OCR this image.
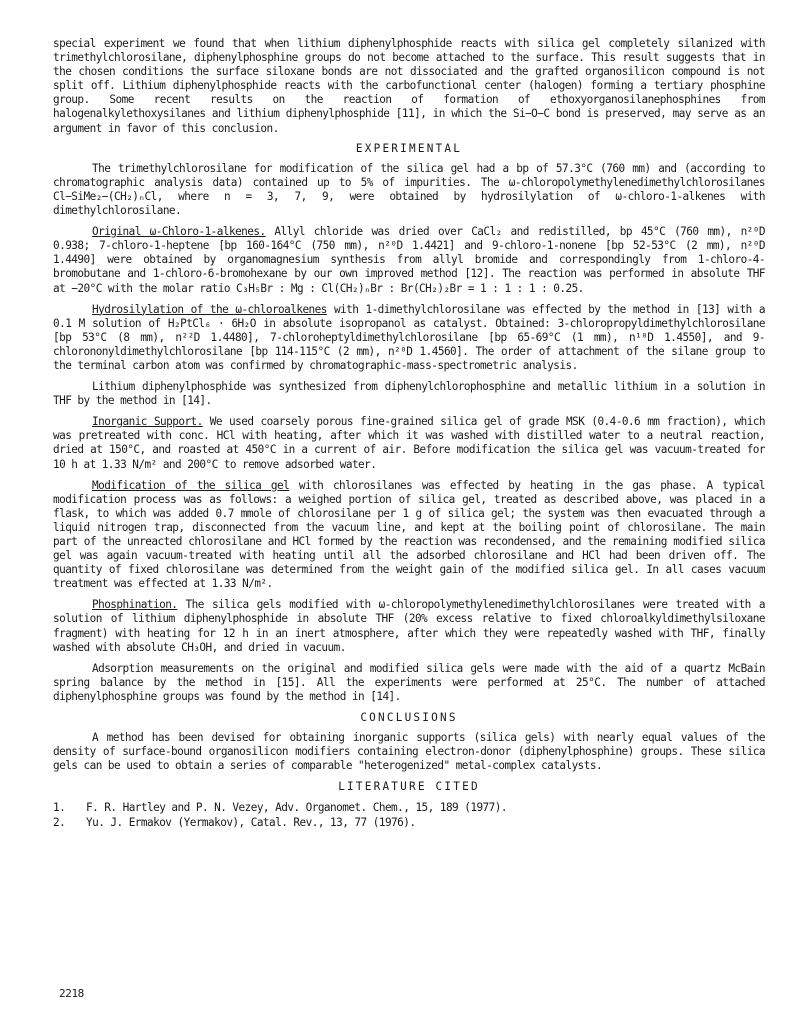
special experiment we found that when lithium diphenylphosphide reacts with silica gel completely silanized with trimethylchlorosilane, diphenylphosphine groups do not become attached to the surface. This result suggests that in the chosen conditions the surface siloxane bonds are not dissociated and the grafted organosilicon compound is not split off. Lithium diphenylphosphide reacts with the carbofunctional center (halogen) forming a tertiary phosphine group. Some recent results on the reaction of formation of ethoxyorganosilanephosphines from halogenalkylethoxysilanes and lithium diphenylphosphide [11], in which the Si−O−C bond is preserved, may serve as an argument in favor of this conclusion.

EXPERIMENTAL

The trimethylchlorosilane for modification of the silica gel had a bp of 57.3°C (760 mm) and (according to chromatographic analysis data) contained up to 5% of impurities. The ω-chloropolymethylenedimethylchlorosilanes Cl−SiMe₂−(CH₂)ₙCl, where n = 3, 7, 9, were obtained by hydrosilylation of ω-chloro-1-alkenes with dimethylchlorosilane.

Original ω-Chloro-1-alkenes. Allyl chloride was dried over CaCl₂ and redistilled, bp 45°C (760 mm), n²⁰D 0.938; 7-chloro-1-heptene [bp 160-164°C (750 mm), n²⁰D 1.4421] and 9-chloro-1-nonene [bp 52-53°C (2 mm), n²⁰D 1.4490] were obtained by organomagnesium synthesis from allyl bromide and correspondingly from 1-chloro-4-bromobutane and 1-chloro-6-bromohexane by our own improved method [12]. The reaction was performed in absolute THF at −20°C with the molar ratio C₃H₅Br : Mg : Cl(CH₂)ₙBr : Br(CH₂)₂Br = 1 : 1 : 1 : 0.25.

Hydrosilylation of the ω-chloroalkenes with 1-dimethylchlorosilane was effected by the method in [13] with a 0.1 M solution of H₂PtCl₆ · 6H₂O in absolute isopropanol as catalyst. Obtained: 3-chloropropyldimethylchlorosilane [bp 53°C (8 mm), n²²D 1.4480], 7-chloroheptyldimethylchlorosilane [bp 65-69°C (1 mm), n¹⁸D 1.4550], and 9-chlorononyldimethylchlorosilane [bp 114-115°C (2 mm), n²⁰D 1.4560]. The order of attachment of the silane group to the terminal carbon atom was confirmed by chromatographic-mass-spectrometric analysis.

Lithium diphenylphosphide was synthesized from diphenylchlorophosphine and metallic lithium in a solution in THF by the method in [14].

Inorganic Support. We used coarsely porous fine-grained silica gel of grade MSK (0.4-0.6 mm fraction), which was pretreated with conc. HCl with heating, after which it was washed with distilled water to a neutral reaction, dried at 150°C, and roasted at 450°C in a current of air. Before modification the silica gel was vacuum-treated for 10 h at 1.33 N/m² and 200°C to remove adsorbed water.

Modification of the silica gel with chlorosilanes was effected by heating in the gas phase. A typical modification process was as follows: a weighed portion of silica gel, treated as described above, was placed in a flask, to which was added 0.7 mmole of chlorosilane per 1 g of silica gel; the system was then evacuated through a liquid nitrogen trap, disconnected from the vacuum line, and kept at the boiling point of chlorosilane. The main part of the unreacted chlorosilane and HCl formed by the reaction was recondensed, and the remaining modified silica gel was again vacuum-treated with heating until all the adsorbed chlorosilane and HCl had been driven off. The quantity of fixed chlorosilane was determined from the weight gain of the modified silica gel. In all cases vacuum treatment was effected at 1.33 N/m².

Phosphination. The silica gels modified with ω-chloropolymethylenedimethylchlorosilanes were treated with a solution of lithium diphenylphosphide in absolute THF (20% excess relative to fixed chloroalkyldimethylsiloxane fragment) with heating for 12 h in an inert atmosphere, after which they were repeatedly washed with THF, finally washed with absolute CH₃OH, and dried in vacuum.

Adsorption measurements on the original and modified silica gels were made with the aid of a quartz McBain spring balance by the method in [15]. All the experiments were performed at 25°C. The number of attached diphenylphosphine groups was found by the method in [14].

CONCLUSIONS

A method has been devised for obtaining inorganic supports (silica gels) with nearly equal values of the density of surface-bound organosilicon modifiers containing electron-donor (diphenylphosphine) groups. These silica gels can be used to obtain a series of comparable "heterogenized" metal-complex catalysts.

LITERATURE CITED
1.	F. R. Hartley and P. N. Vezey, Adv. Organomet. Chem., 15, 189 (1977).
2.	Yu. J. Ermakov (Yermakov), Catal. Rev., 13, 77 (1976).
2218
